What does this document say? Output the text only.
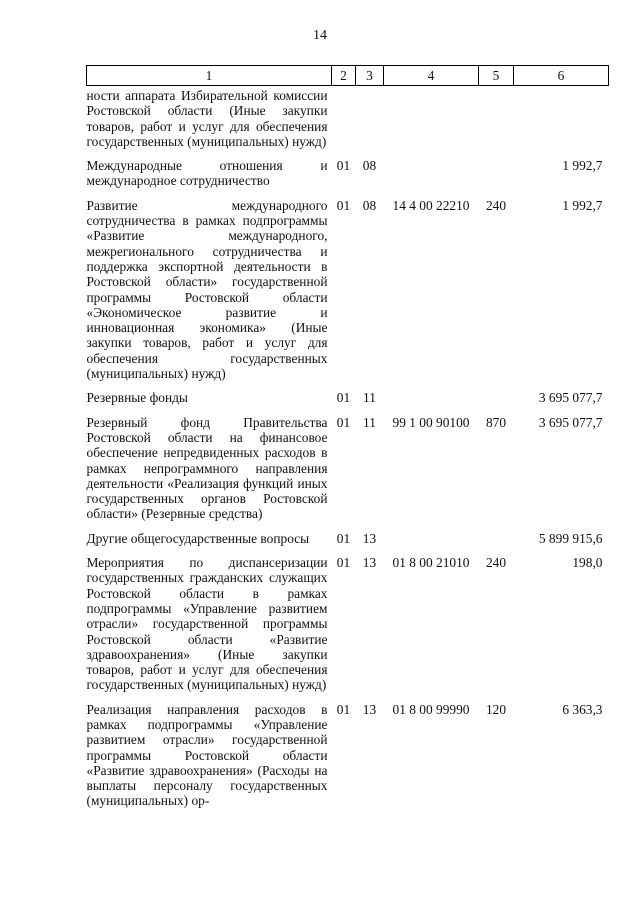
14
1	2	3	4	5	6
ности аппарата Избирательной комиссии Ростовской области (Иные закупки товаров, работ и услуг для обеспечения государственных (муниципальных) нужд)					
Международные отношения и международное сотрудничество	01	08			1 992,7
Развитие международного сотрудничества в рамках подпрограммы «Развитие международного, межрегионального сотрудничества и поддержка экспортной деятельности в Ростовской области» государственной программы Ростовской области «Экономическое развитие и инновационная экономика» (Иные закупки товаров, работ и услуг для обеспечения государственных (муниципальных) нужд)	01	08	14 4 00 22210	240	1 992,7
Резервные фонды	01	11			3 695 077,7
Резервный фонд Правительства Ростовской области на финансовое обеспечение непредвиденных расходов в рамках непрограммного направления деятельности «Реализация функций иных государственных органов Ростовской области» (Резервные средства)	01	11	99 1 00 90100	870	3 695 077,7
Другие общегосударственные вопросы	01	13			5 899 915,6
Мероприятия по диспансеризации государственных гражданских служащих Ростовской области в рамках подпрограммы «Управление развитием отрасли» государственной программы Ростовской области «Развитие здравоохранения» (Иные закупки товаров, работ и услуг для обеспечения государственных (муниципальных) нужд)	01	13	01 8 00 21010	240	198,0
Реализация направления расходов в рамках подпрограммы «Управление развитием отрасли» государственной программы Ростовской области «Развитие здравоохранения» (Расходы на выплаты персоналу государственных (муниципальных) ор-	01	13	01 8 00 99990	120	6 363,3
